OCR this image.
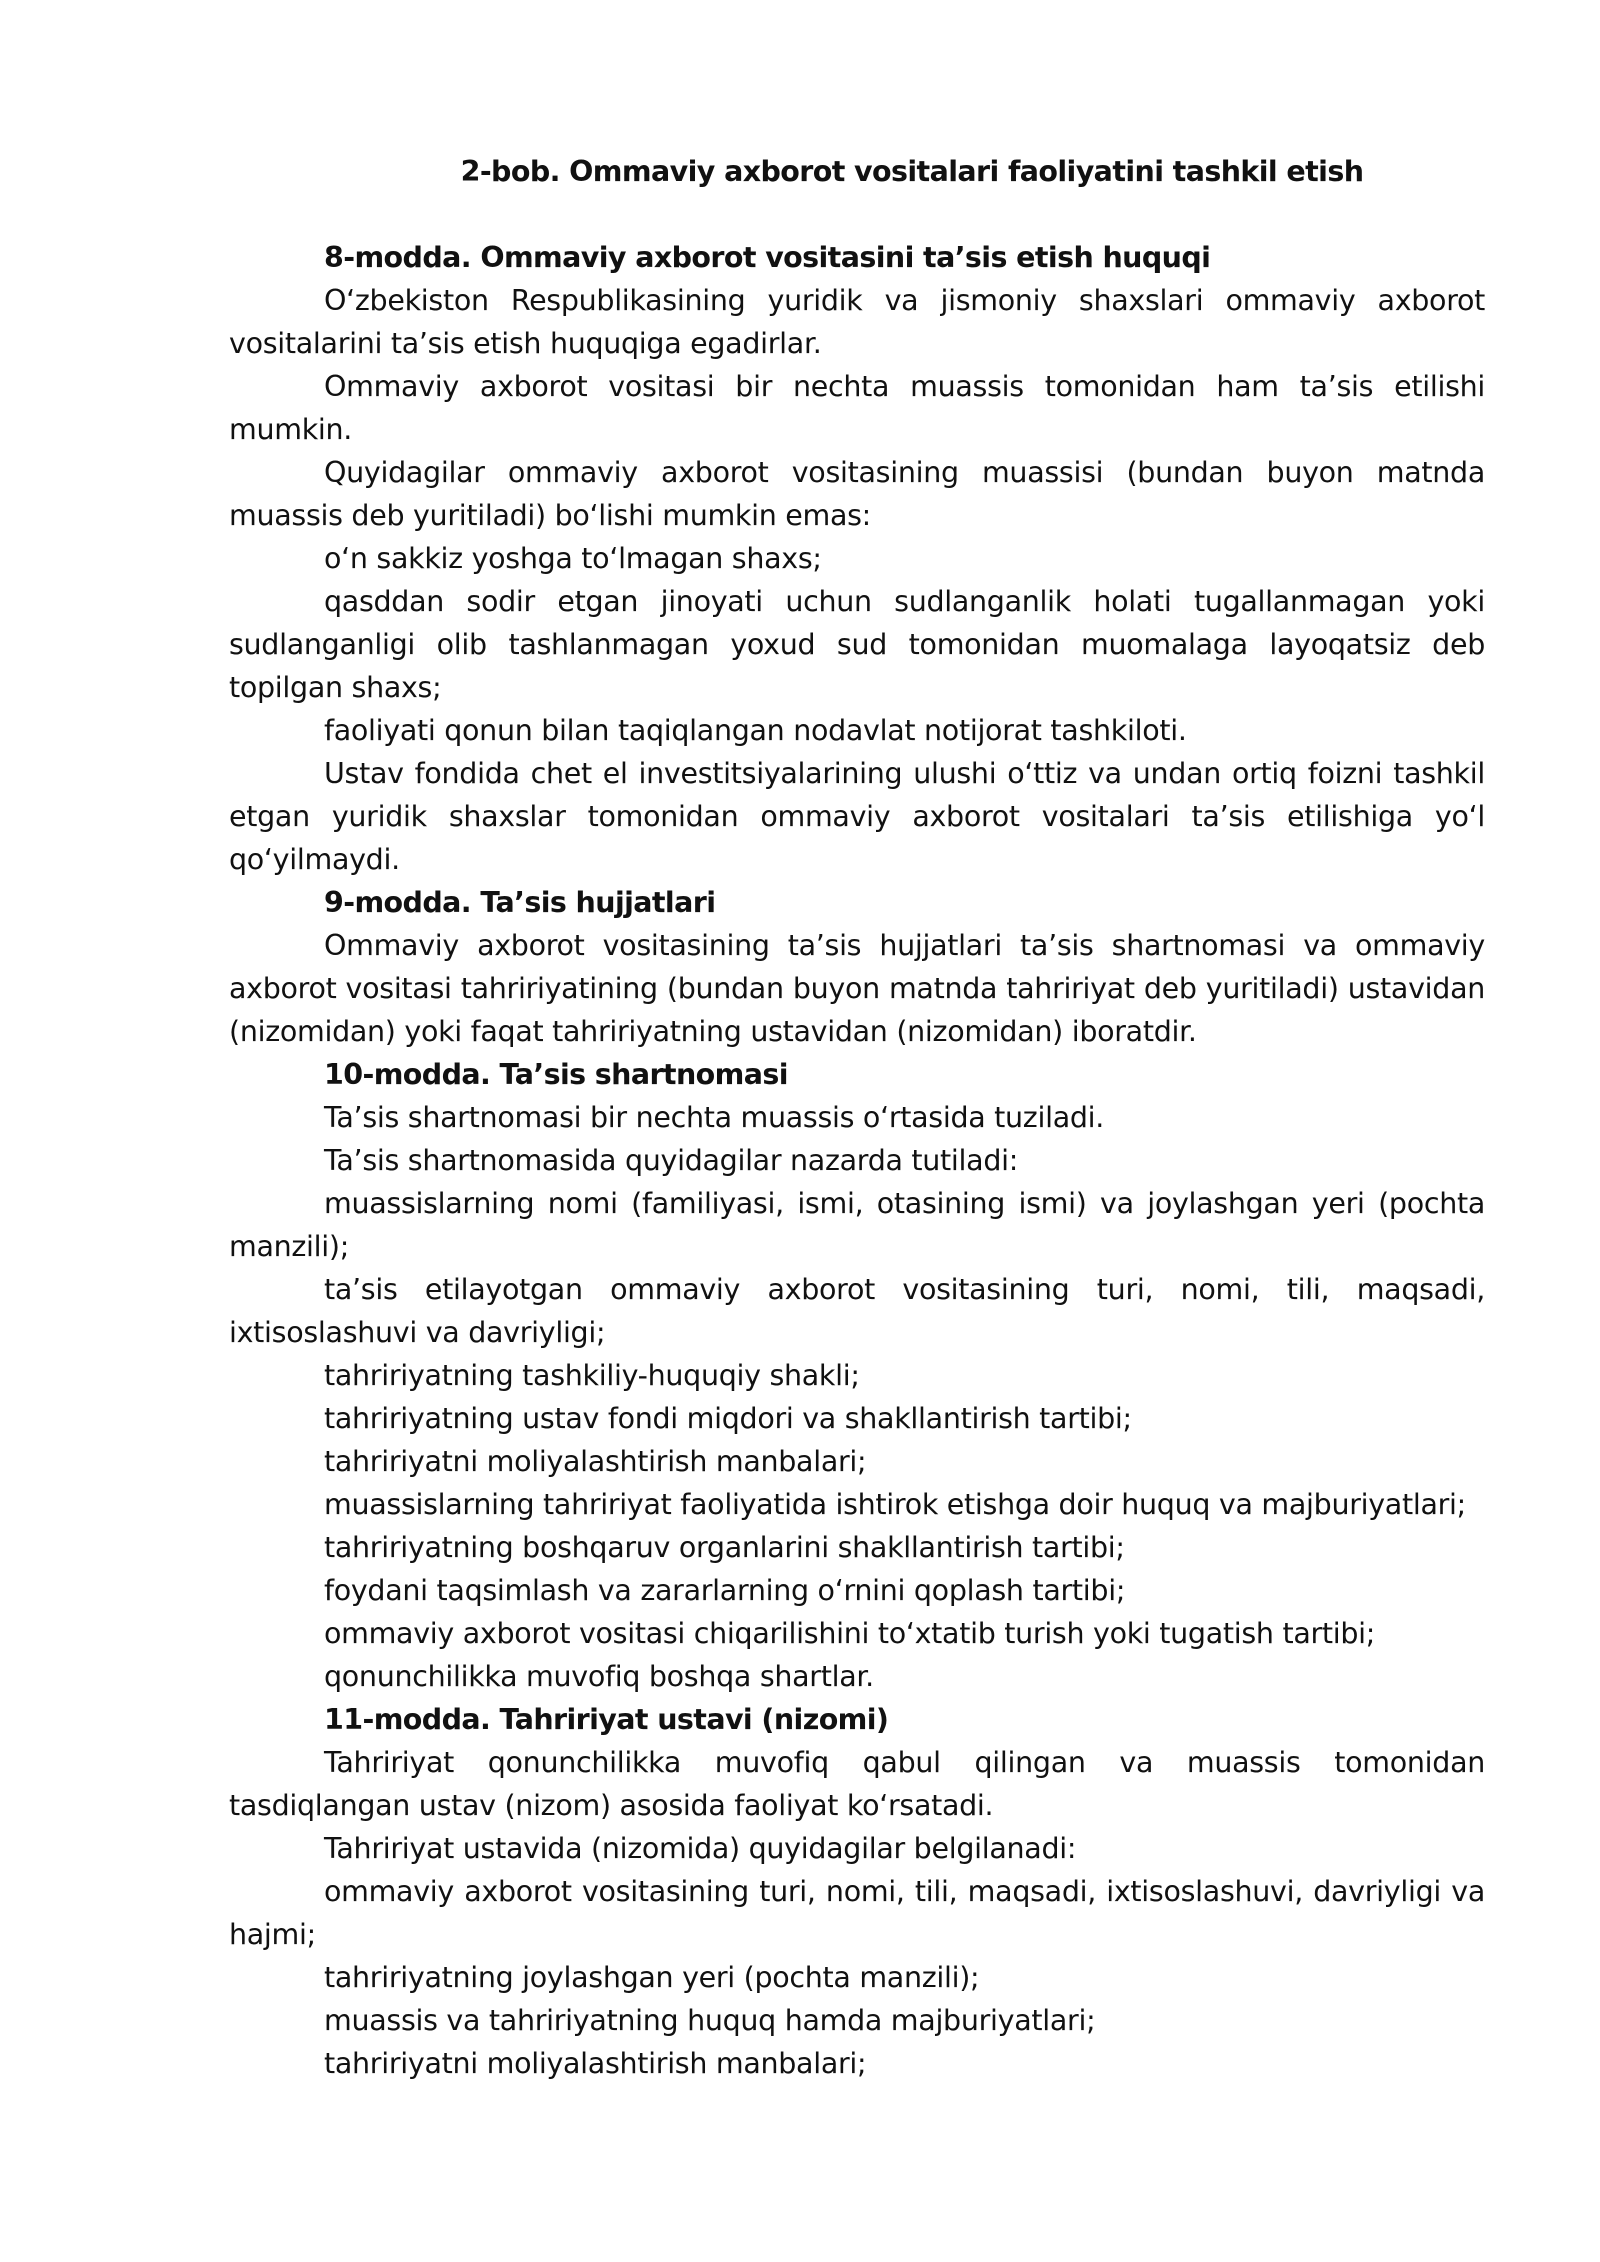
2-bob. Ommaviy axborot vositalari faoliyatini tashkil etish

8-modda. Ommaviy axborot vositasini ta’sis etish huquqi

O‘zbekiston Respublikasining yuridik va jismoniy shaxslari ommaviy axborot vositalarini ta’sis etish huquqiga egadirlar.

Ommaviy axborot vositasi bir nechta muassis tomonidan ham ta’sis etilishi mumkin.

Quyidagilar ommaviy axborot vositasining muassisi (bundan buyon matnda muassis deb yuritiladi) bo‘lishi mumkin emas:

o‘n sakkiz yoshga to‘lmagan shaxs;

qasddan sodir etgan jinoyati uchun sudlanganlik holati tugallanmagan yoki sudlanganligi olib tashlanmagan yoxud sud tomonidan muomalaga layoqatsiz deb topilgan shaxs;

faoliyati qonun bilan taqiqlangan nodavlat notijorat tashkiloti.

Ustav fondida chet el investitsiyalarining ulushi o‘ttiz va undan ortiq foizni tashkil etgan yuridik shaxslar tomonidan ommaviy axborot vositalari ta’sis etilishiga yo‘l qo‘yilmaydi.

9-modda. Ta’sis hujjatlari

Ommaviy axborot vositasining ta’sis hujjatlari ta’sis shartnomasi va ommaviy axborot vositasi tahririyatining (bundan buyon matnda tahririyat deb yuritiladi) ustavidan (nizomidan) yoki faqat tahririyatning ustavidan (nizomidan) iboratdir.

10-modda. Ta’sis shartnomasi

Ta’sis shartnomasi bir nechta muassis o‘rtasida tuziladi.

Ta’sis shartnomasida quyidagilar nazarda tutiladi:

muassislarning nomi (familiyasi, ismi, otasining ismi) va joylashgan yeri (pochta manzili);

ta’sis etilayotgan ommaviy axborot vositasining turi, nomi, tili, maqsadi, ixtisoslashuvi va davriyligi;

tahririyatning tashkiliy-huquqiy shakli;

tahririyatning ustav fondi miqdori va shakllantirish tartibi;

tahririyatni moliyalashtirish manbalari;

muassislarning tahririyat faoliyatida ishtirok etishga doir huquq va majburiyatlari;

tahririyatning boshqaruv organlarini shakllantirish tartibi;

foydani taqsimlash va zararlarning o‘rnini qoplash tartibi;

ommaviy axborot vositasi chiqarilishini to‘xtatib turish yoki tugatish tartibi;

qonunchilikka muvofiq boshqa shartlar.

11-modda. Tahririyat ustavi (nizomi)

Tahririyat qonunchilikka muvofiq qabul qilingan va muassis tomonidan tasdiqlangan ustav (nizom) asosida faoliyat ko‘rsatadi.

Tahririyat ustavida (nizomida) quyidagilar belgilanadi:

ommaviy axborot vositasining turi, nomi, tili, maqsadi, ixtisoslashuvi, davriyligi va hajmi;

tahririyatning joylashgan yeri (pochta manzili);

muassis va tahririyatning huquq hamda majburiyatlari;

tahririyatni moliyalashtirish manbalari;
